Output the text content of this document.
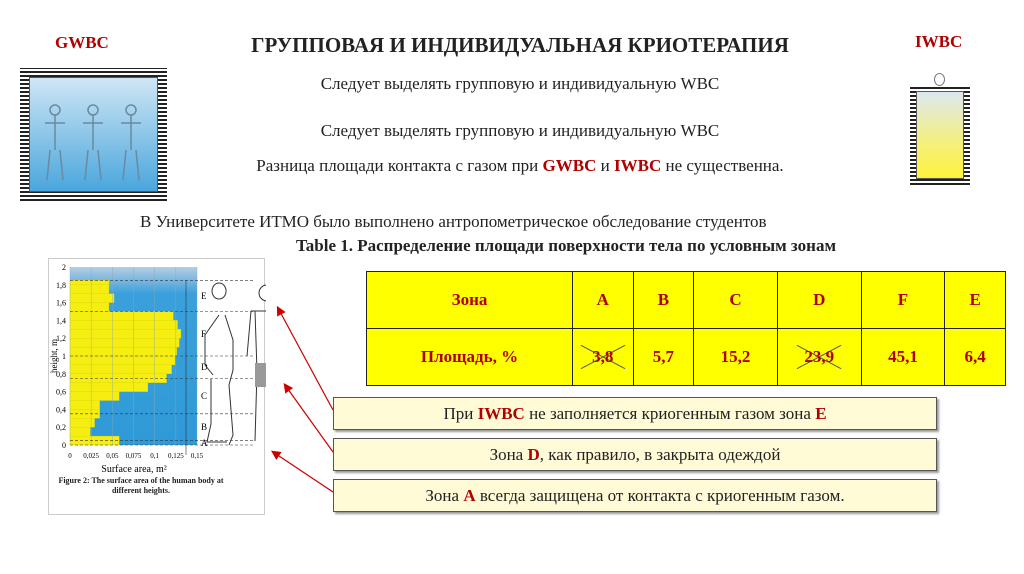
GWBC	IWBC
ГРУППОВАЯ И ИНДИВИДУАЛЬНАЯ КРИОТЕРАПИЯ
Следует выделять групповую и индивидуальную WBC
Следует выделять групповую и индивидуальную WBC
Разница площади контакта с газом при GWBC и IWBC не существенна.
В Университете ИТМО было выполнено антропометрическое обследование студентов
Table 1. Распределение площади поверхности тела по условным зонам
0 0,025 0,05 0,075 0,1 0,125 0,15
0
0,2
0,4
0,6
0,8
1
1,2
1,4
1,6
1,8
2
A
B
C
D
F
E
Surface area, m²
height, m
Figure 2: The surface area of the human body at different heights.
Зона	A	B	C	D	F	E
Площадь, %	3,8	5,7	15,2	23,9	45,1	6,4
При IWBC не заполняется криогенным газом зона E
Зона D, как правило, в закрыта одеждой
Зона A всегда защищена от контакта с криогенным газом.
